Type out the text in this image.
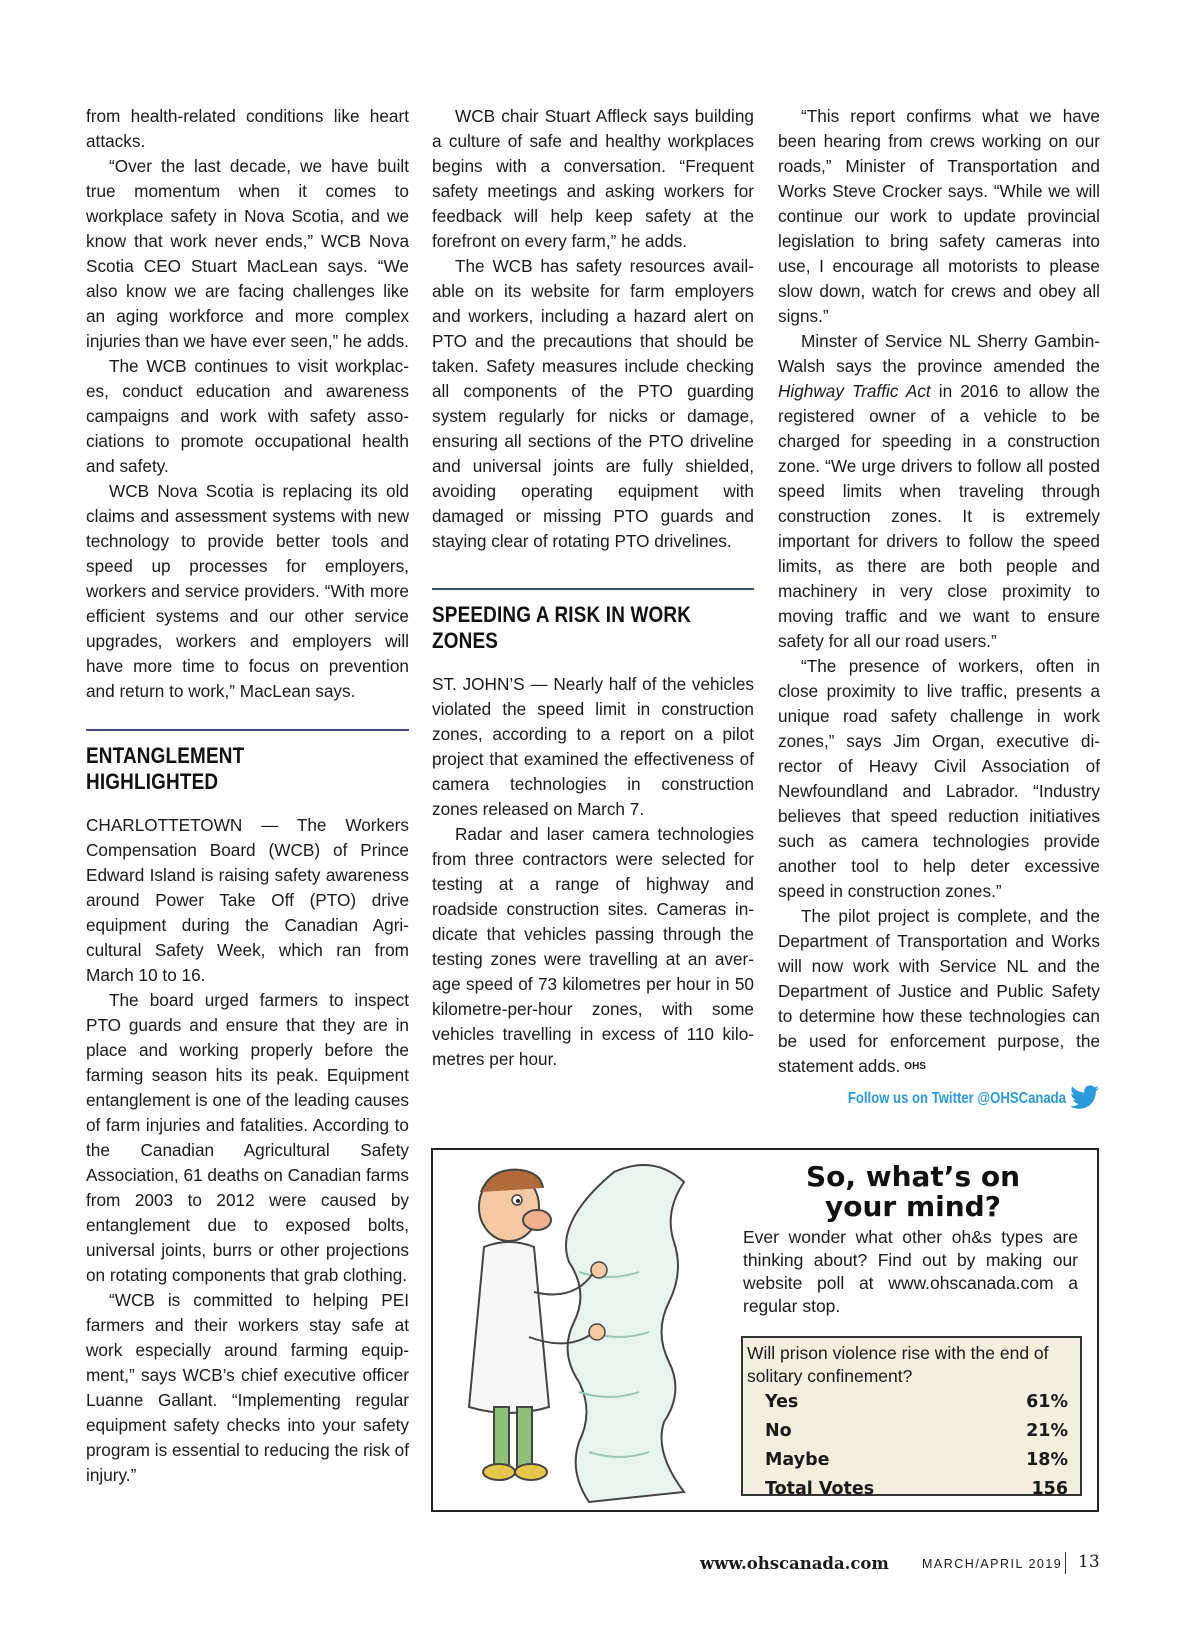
from health-related conditions like heart attacks.

“Over the last decade, we have built true momentum when it comes to workplace safety in Nova Scotia, and we know that work never ends,” WCB Nova Scotia CEO Stuart MacLean says. “We also know we are facing challenges like an aging workforce and more complex injuries than we have ever seen,” he adds.

The WCB continues to visit workplaces, conduct education and awareness campaigns and work with safety associations to promote occupational health and safety.

WCB Nova Scotia is replacing its old claims and assessment systems with new technology to provide better tools and speed up processes for employers, workers and service providers. “With more efficient systems and our other service upgrades, workers and employers will have more time to focus on prevention and return to work,” MacLean says.

ENTANGLEMENT HIGHLIGHTED

CHARLOTTETOWN — The Workers Compensation Board (WCB) of Prince Edward Island is raising safety awareness around Power Take Off (PTO) drive equipment during the Canadian Agricultural Safety Week, which ran from March 10 to 16.

The board urged farmers to inspect PTO guards and ensure that they are in place and working properly before the farming season hits its peak. Equipment entanglement is one of the leading causes of farm injuries and fatalities. According to the Canadian Agricultural Safety Association, 61 deaths on Canadian farms from 2003 to 2012 were caused by entanglement due to exposed bolts, universal joints, burrs or other projections on rotating components that grab clothing.

“WCB is committed to helping PEI farmers and their workers stay safe at work especially around farming equipment,” says WCB’s chief executive officer Luanne Gallant. “Implementing regular equipment safety checks into your safety program is essential to reducing the risk of injury.”

WCB chair Stuart Affleck says building a culture of safe and healthy workplaces begins with a conversation. “Frequent safety meetings and asking workers for feedback will help keep safety at the forefront on every farm,” he adds.

The WCB has safety resources available on its website for farm employers and workers, including a hazard alert on PTO and the precautions that should be taken. Safety measures include checking all components of the PTO guarding system regularly for nicks or damage, ensuring all sections of the PTO driveline and universal joints are fully shielded, avoiding operating equipment with damaged or missing PTO guards and staying clear of rotating PTO drivelines.

SPEEDING A RISK IN WORK ZONES

ST. JOHN’S — Nearly half of the vehicles violated the speed limit in construction zones, according to a report on a pilot project that examined the effectiveness of camera technologies in construction zones released on March 7.

Radar and laser camera technologies from three contractors were selected for testing at a range of highway and roadside construction sites. Cameras indicate that vehicles passing through the testing zones were travelling at an average speed of 73 kilometres per hour in 50 kilometre-per-hour zones, with some vehicles travelling in excess of 110 kilometres per hour.

“This report confirms what we have been hearing from crews working on our roads,” Minister of Transportation and Works Steve Crocker says. “While we will continue our work to update provincial legislation to bring safety cameras into use, I encourage all motorists to please slow down, watch for crews and obey all signs.”

Minster of Service NL Sherry Gambin-Walsh says the province amended the Highway Traffic Act in 2016 to allow the registered owner of a vehicle to be charged for speeding in a construction zone. “We urge drivers to follow all posted speed limits when traveling through construction zones. It is extremely important for drivers to follow the speed limits, as there are both people and machinery in very close proximity to moving traffic and we want to ensure safety for all our road users.”

“The presence of workers, often in close proximity to live traffic, presents a unique road safety challenge in work zones,” says Jim Organ, executive director of Heavy Civil Association of Newfoundland and Labrador. “Industry believes that speed reduction initiatives such as camera technologies provide another tool to help deter excessive speed in construction zones.”

The pilot project is complete, and the Department of Transportation and Works will now work with Service NL and the Department of Justice and Public Safety to determine how these technologies can be used for enforcement purpose, the statement adds. OHS

Follow us on Twitter @OHSCanada
So, what’s on
your mind?
Ever wonder what other oh&s types are thinking about? Find out by making our website poll at www.ohscanada.com a regular stop.
Will prison violence rise with the end of solitary confinement?
Yes	61%
No	21%
Maybe	18%
Total Votes	156
www.ohscanada.com	MARCH/APRIL 2019 13
